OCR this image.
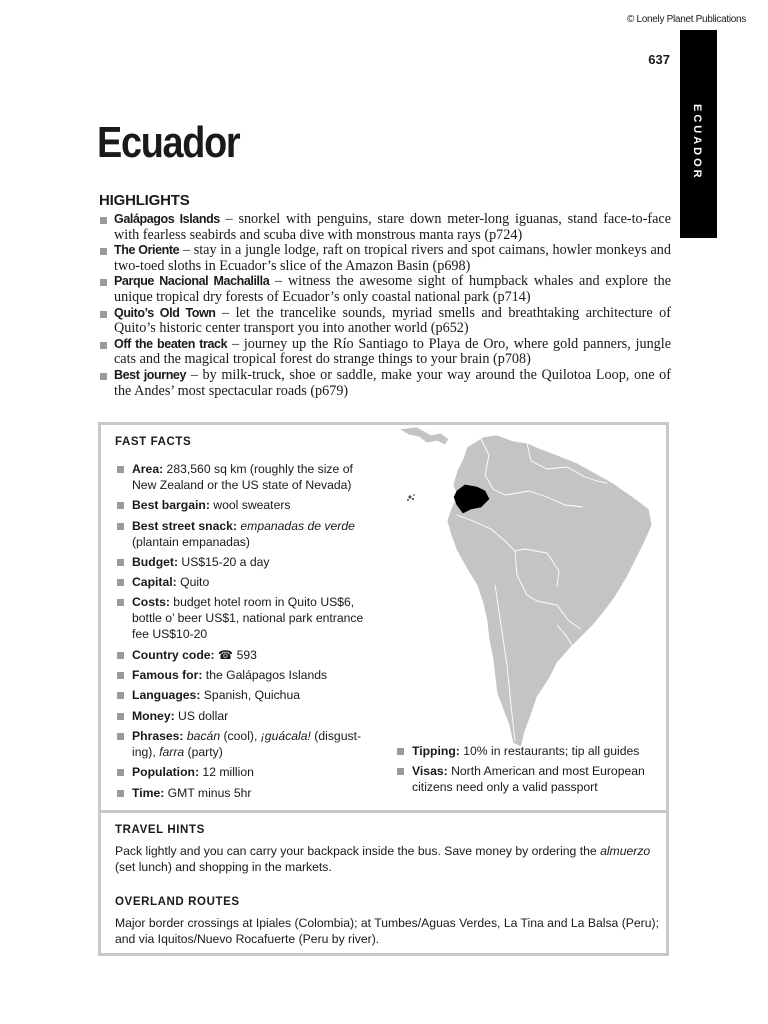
© Lonely Planet Publications
637
ECUADOR
Ecuador
HIGHLIGHTS
Galápagos Islands – snorkel with penguins, stare down meter-long iguanas, stand face-to-face with fearless seabirds and scuba dive with monstrous manta rays (p724)
The Oriente – stay in a jungle lodge, raft on tropical rivers and spot caimans, howler monkeys and two-toed sloths in Ecuador’s slice of the Amazon Basin (p698)
Parque Nacional Machalilla – witness the awesome sight of humpback whales and explore the unique tropical dry forests of Ecuador’s only coastal national park (p714)
Quito’s Old Town – let the trancelike sounds, myriad smells and breathtaking architecture of Quito’s historic center transport you into another world (p652)
Off the beaten track – journey up the Río Santiago to Playa de Oro, where gold panners, jungle cats and the magical tropical forest do strange things to your brain (p708)
Best journey – by milk-truck, shoe or saddle, make your way around the Quilotoa Loop, one of the Andes’ most spectacular roads (p679)
FAST FACTS
Area: 283,560 sq km (roughly the size of New Zealand or the US state of Nevada)
Best bargain: wool sweaters
Best street snack: empanadas de verde (plantain empanadas)
Budget: US$15-20 a day
Capital: Quito
Costs: budget hotel room in Quito US$6, bottle o’ beer US$1, national park entrance fee US$10-20
Country code: ☎ 593
Famous for: the Galápagos Islands
Languages: Spanish, Quichua
Money: US dollar
Phrases: bacán (cool), ¡guácala! (disgust-ing), farra (party)
Population: 12 million
Time: GMT minus 5hr
Tipping: 10% in restaurants; tip all guides
Visas: North American and most European citizens need only a valid passport
TRAVEL HINTS

Pack lightly and you can carry your backpack inside the bus. Save money by ordering the almuerzo (set lunch) and shopping in the markets.

OVERLAND ROUTES

Major border crossings at Ipiales (Colombia); at Tumbes/Aguas Verdes, La Tina and La Balsa (Peru); and via Iquitos/Nuevo Rocafuerte (Peru by river).
